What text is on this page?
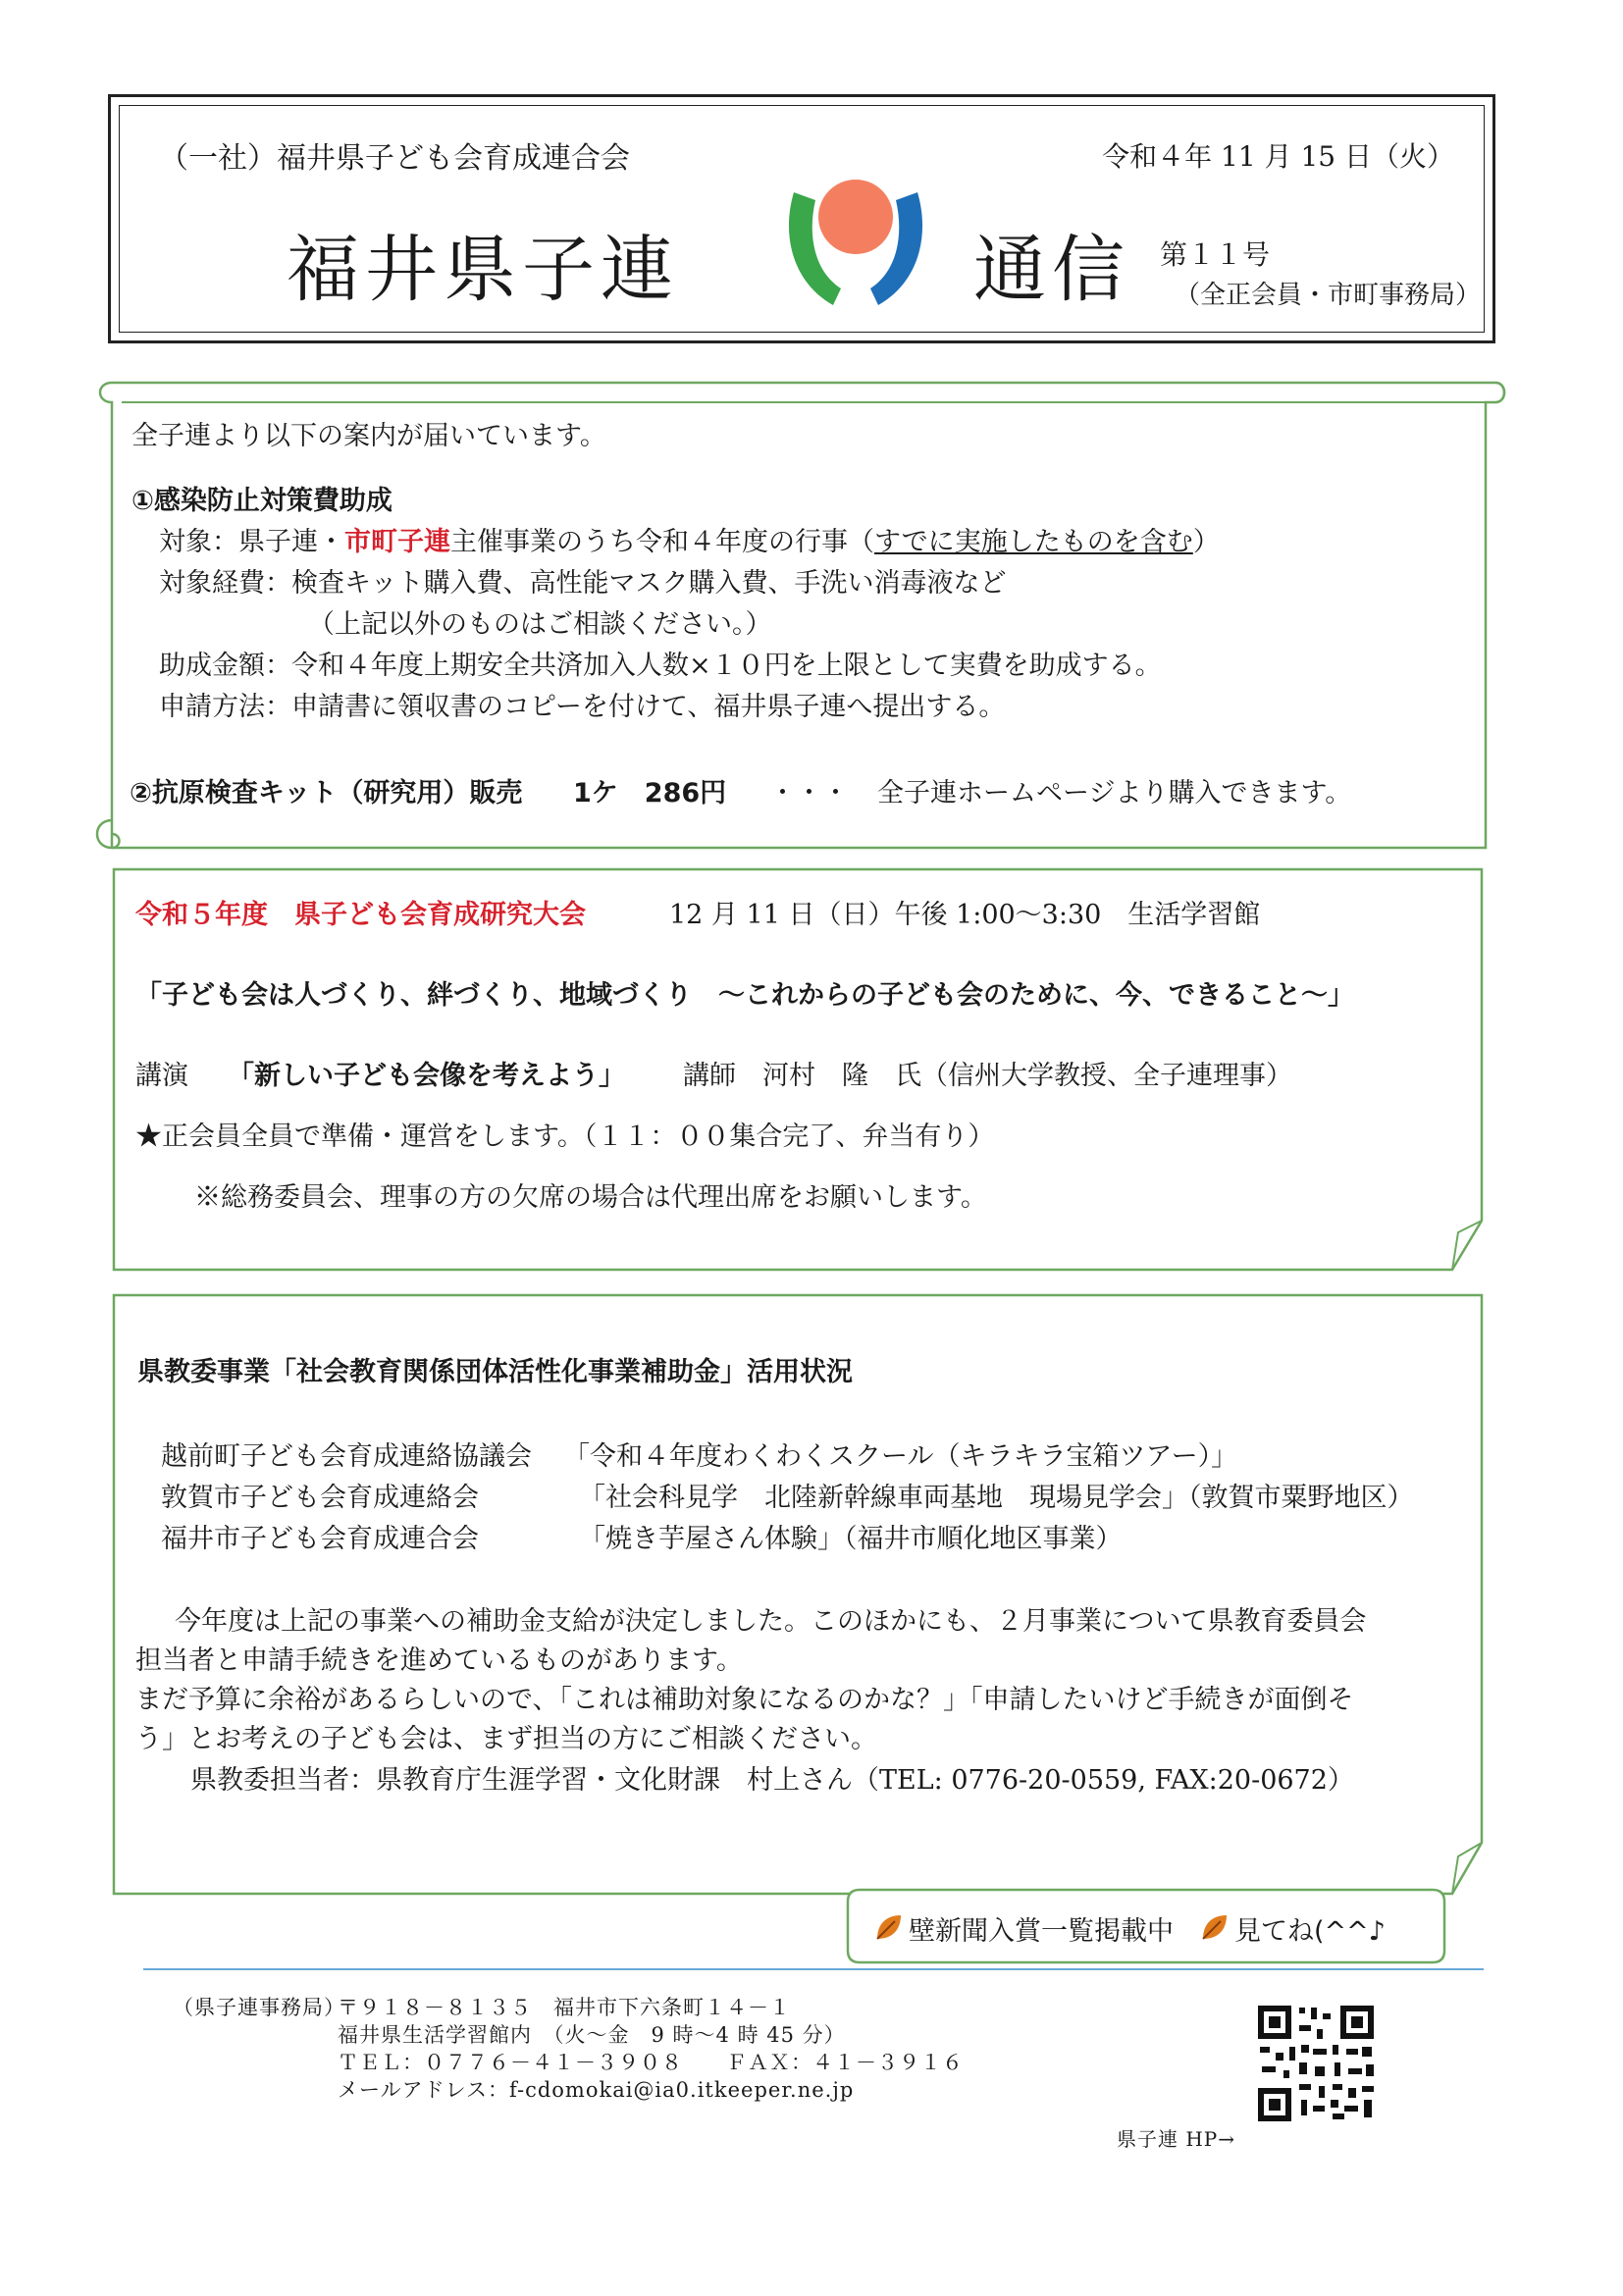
（一社）福井県子ども会育成連合会	令和４年 11 月 15 日（火）
福井県子連	通信 第１１号
（全正会員・市町事務局）
全子連より以下の案内が届いています。
①感染防止対策費助成
対象：県子連・市町子連主催事業のうち令和４年度の行事（すでに実施したものを含む）
対象経費：検査キット購入費、高性能マスク購入費、手洗い消毒液など
（上記以外のものはご相談ください。）
助成金額：令和４年度上期安全共済加入人数×１０円を上限として実費を助成する。
申請方法：申請書に領収書のコピーを付けて、福井県子連へ提出する。
②抗原検査キット（研究用）販売 1ケ　286円 ・・・ 全子連ホームページより購入できます。
令和５年度　県子ども会育成研究大会	12 月 11 日（日）午後 1:00～3:30　生活学習館
「子ども会は人づくり、絆づくり、地域づくり　～これからの子ども会のために、今、できること～」
講演 「新しい子ども会像を考えよう」 講師　河村　隆　氏（信州大学教授、全子連理事）
★正会員全員で準備・運営をします。（１１：００集合完了、弁当有り）
※総務委員会、理事の方の欠席の場合は代理出席をお願いします。
県教委事業「社会教育関係団体活性化事業補助金」活用状況
越前町子ども会育成連絡協議会 「令和４年度わくわくスクール（キラキラ宝箱ツアー）」
敦賀市子ども会育成連絡会	「社会科見学　北陸新幹線車両基地　現場見学会」（敦賀市粟野地区）
福井市子ども会育成連合会	「焼き芋屋さん体験」（福井市順化地区事業）
今年度は上記の事業への補助金支給が決定しました。このほかにも、２月事業について県教育委員会
担当者と申請手続きを進めているものがあります。
まだ予算に余裕があるらしいので、「これは補助対象になるのかな？」「申請したいけど手続きが面倒そ
う」とお考えの子ども会は、まず担当の方にご相談ください。
県教委担当者：県教育庁生涯学習・文化財課　村上さん（TEL: 0776-20-0559, FAX:20-0672）
壁新聞入賞一覧掲載中 見てね(^^♪
（県子連事務局）
〒９１８－８１３５　福井市下六条町１４－１
福井県生活学習館内　（火～金　9 時～4 時 45 分）
ＴＥＬ：０７７６－４１－３９０８　　ＦＡＸ：４１－３９１６
メールアドレス：f-cdomokai@ia0.itkeeper.ne.jp
県子連 HP→
